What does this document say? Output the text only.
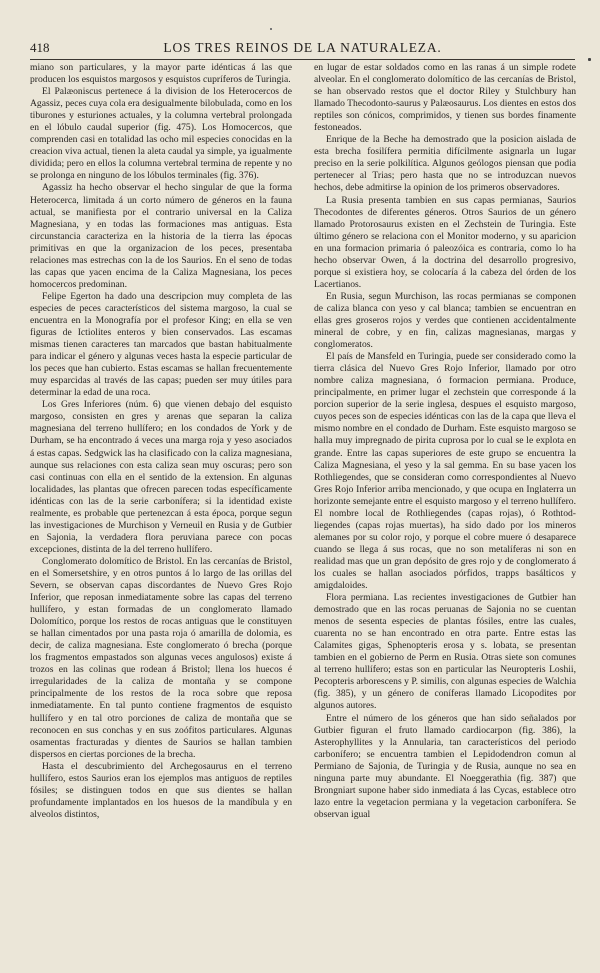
418	LOS TRES REINOS DE LA NATURALEZA.

miano son particulares, y la mayor parte idénticas á las que producen los esquistos margosos y esquistos cupríferos de Turingia.

El Palæoniscus pertenece á la division de los Heterocercos de Agassiz, peces cuya cola era desigualmente bilobulada, como en los tiburones y esturiones actuales, y la columna vertebral prolongada en el lóbulo caudal superior (fig. 475). Los Homocercos, que comprenden casi en totalidad las ocho mil especies conocidas en la creacion viva actual, tienen la aleta caudal ya simple, ya igualmente dividida; pero en ellos la columna vertebral termina de repente y no se prolonga en ninguno de los lóbulos terminales (fig. 376).

Agassiz ha hecho observar el hecho singular de que la forma Heterocerca, limitada á un corto número de géneros en la fauna actual, se manifiesta por el contrario universal en la Caliza Magnesiana, y en todas las formaciones mas antiguas. Esta circunstancia caracteriza en la historia de la tierra las épocas primitivas en que la organizacion de los peces, presentaba relaciones mas estrechas con la de los Saurios. En el seno de todas las capas que yacen encima de la Caliza Magnesiana, los peces homocercos predominan.

Felipe Egerton ha dado una descripcion muy completa de las especies de peces característicos del sistema margoso, la cual se encuentra en la Monografía por el profesor King; en ella se ven figuras de Ictiolites enteros y bien conservados. Las escamas mismas tienen caracteres tan marcados que bastan habitualmente para indicar el género y algunas veces hasta la especie particular de los peces que han cubierto. Estas escamas se hallan frecuentemente muy esparcidas al través de las capas; pueden ser muy útiles para determinar la edad de una roca.

Los Gres Inferiores (núm. 6) que vienen debajo del esquisto margoso, consisten en gres y arenas que separan la caliza magnesiana del terreno hullífero; en los condados de York y de Durham, se ha encontrado á veces una marga roja y yeso asociados á estas capas. Sedgwick las ha clasificado con la caliza magnesiana, aunque sus relaciones con esta caliza sean muy oscuras; pero son casi continuas con ella en el sentido de la extension. En algunas localidades, las plantas que ofrecen parecen todas específicamente idénticas con las de la serie carbonífera; si la identidad existe realmente, es probable que pertenezcan á esta época, porque segun las investigaciones de Murchison y Verneuil en Rusia y de Gutbier en Sajonia, la verdadera flora peruviana parece con pocas excepciones, distinta de la del terreno hullífero.

Conglomerato dolomítico de Bristol. En las cercanías de Bristol, en el Somersetshire, y en otros puntos á lo largo de las orillas del Severn, se observan capas discordantes de Nuevo Gres Rojo Inferior, que reposan inmediatamente sobre las capas del terreno hullífero, y estan formadas de un conglomerato llamado Dolomítico, porque los restos de rocas antiguas que le constituyen se hallan cimentados por una pasta roja ó amarilla de dolomia, es decir, de caliza magnesiana. Este conglomerato ó brecha (porque los fragmentos empastados son algunas veces angulosos) existe á trozos en las colinas que rodean á Bristol; llena los huecos é irregularidades de la caliza de montaña y se compone principalmente de los restos de la roca sobre que reposa inmediatamente. En tal punto contiene fragmentos de esquisto hullífero y en tal otro porciones de caliza de montaña que se reconocen en sus conchas y en sus zoófitos particulares. Algunas osamentas fracturadas y dientes de Saurios se hallan tambien dispersos en ciertas porciones de la brecha.

Hasta el descubrimiento del Archegosaurus en el terreno hullífero, estos Saurios eran los ejemplos mas antiguos de reptiles fósiles; se distinguen todos en que sus dientes se hallan profundamente implantados en los huesos de la mandíbula y en alveolos distintos,

en lugar de estar soldados como en las ranas á un simple rodete alveolar. En el conglomerato dolomítico de las cercanías de Bristol, se han observado restos que el doctor Riley y Stulchbury han llamado Thecodonto-saurus y Palæosaurus. Los dientes en estos dos reptiles son cónicos, comprimidos, y tienen sus bordes finamente festoneados.

Enrique de la Beche ha demostrado que la posicion aislada de esta brecha fosilífera permitia difícilmente asignarla un lugar preciso en la serie polkilítica. Algunos geólogos piensan que podia pertenecer al Trias; pero hasta que no se introduzcan nuevos hechos, debe admitirse la opinion de los primeros observadores.

La Rusia presenta tambien en sus capas permianas, Saurios Thecodontes de diferentes géneros. Otros Saurios de un género llamado Protorosaurus existen en el Zechstein de Turingia. Este último género se relaciona con el Monitor moderno, y su aparicion en una formacion primaria ó paleozóica es contraria, como lo ha hecho observar Owen, á la doctrina del desarrollo progresivo, porque si existiera hoy, se colocaría á la cabeza del órden de los Lacertianos.

En Rusia, segun Murchison, las rocas permianas se componen de caliza blanca con yeso y cal blanca; tambien se encuentran en ellas gres groseros rojos y verdes que contienen accidentalmente mineral de cobre, y en fin, calizas magnesianas, margas y conglomeratos.

El país de Mansfeld en Turingia, puede ser considerado como la tierra clásica del Nuevo Gres Rojo Inferior, llamado por otro nombre caliza magnesiana, ó formacion permiana. Produce, principalmente, en primer lugar el zechstein que corresponde á la porcion superior de la serie inglesa, despues el esquisto margoso, cuyos peces son de especies idénticas con las de la capa que lleva el mismo nombre en el condado de Durham. Este esquisto margoso se halla muy impregnado de pirita cuprosa por lo cual se le explota en grande. Entre las capas superiores de este grupo se encuentra la Caliza Magnesiana, el yeso y la sal gemma. En su base yacen los Rothliegendes, que se consideran como correspondientes al Nuevo Gres Rojo Inferior arriba mencionado, y que ocupa en Inglaterra un horizonte semejante entre el esquisto margoso y el terreno hullífero. El nombre local de Rothliegendes (capas rojas), ó Rothtod-liegendes (capas rojas muertas), ha sido dado por los mineros alemanes por su color rojo, y porque el cobre muere ó desaparece cuando se llega á sus rocas, que no son metalíferas ni son en realidad mas que un gran depósito de gres rojo y de conglomerato á los cuales se hallan asociados pórfidos, trapps basálticos y amigdaloides.

Flora permiana. Las recientes investigaciones de Gutbier han demostrado que en las rocas peruanas de Sajonia no se cuentan menos de sesenta especies de plantas fósiles, entre las cuales, cuarenta no se han encontrado en otra parte. Entre estas las Calamites gigas, Sphenopteris erosa y s. lobata, se presentan tambien en el gobierno de Perm en Rusia. Otras siete son comunes al terreno hullífero; estas son en particular las Neuropteris Loshii, Pecopteris arborescens y P. similis, con algunas especies de Walchia (fig. 385), y un género de coníferas llamado Licopodites por algunos autores.

Entre el número de los géneros que han sido señalados por Gutbier figuran el fruto llamado cardiocarpon (fig. 386), la Asterophyllites y la Annularia, tan característicos del periodo carbonífero; se encuentra tambien el Lepidodendron comun al Permiano de Sajonia, de Turingia y de Rusia, aunque no sea en ninguna parte muy abundante. El Noeggerathia (fig. 387) que Brongniart supone haber sido inmediata á las Cycas, establece otro lazo entre la vegetacion permiana y la vegetacion carbonífera. Se observan igual
